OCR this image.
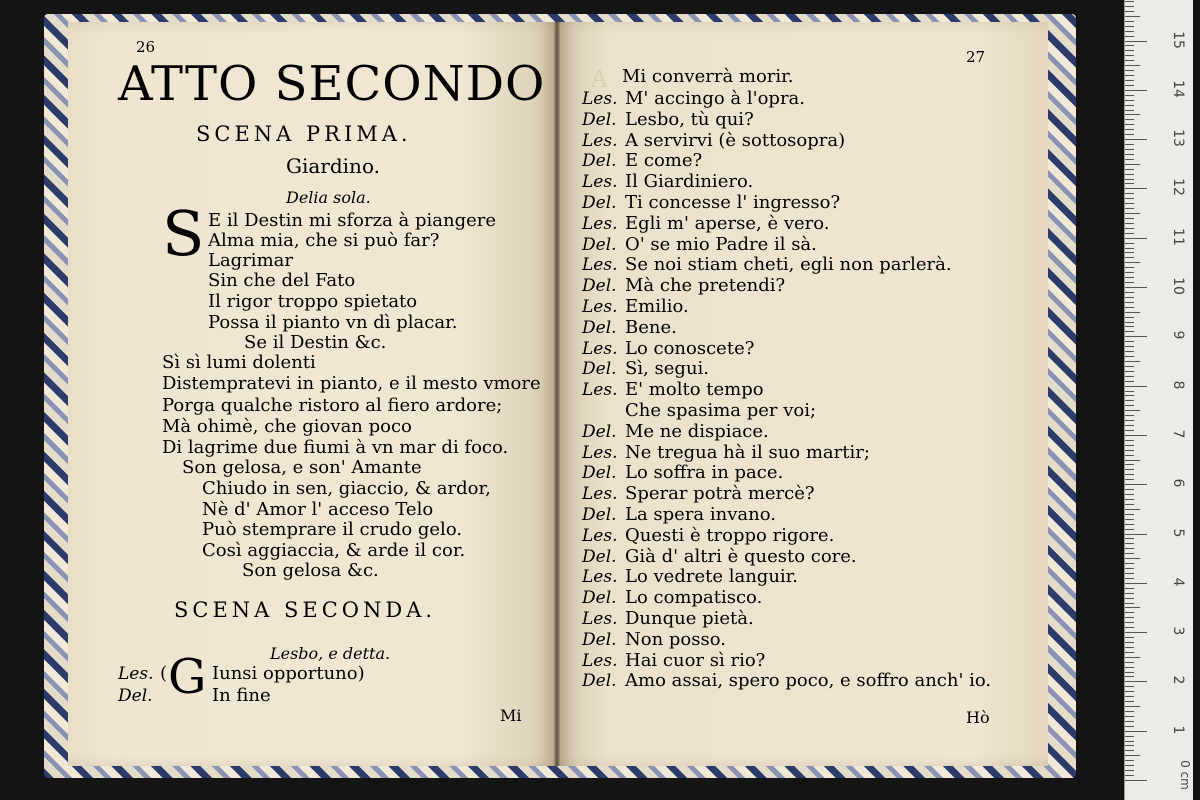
A
26
ATTO SECONDO
SCENA PRIMA.
Giardino.
Delia sola.
S E il Destin mi sforza à piangere
Alma mia, che si può far?
Lagrimar
Sin che del Fato
Il rigor troppo spietato
Possa il pianto vn dì placar.
Se il Destin &c.
Sì sì lumi dolenti
Distempratevi in pianto, e il mesto vmore
Porga qualche ristoro al fiero ardore;
Mà ohimè, che giovan poco
Di lagrime due fiumi à vn mar di foco.
Son gelosa, e son' Amante
Chiudo in sen, giaccio, & ardor,
Nè d' Amor l' acceso Telo
Può stemprare il crudo gelo.
Così aggiaccia, & arde il cor.
Son gelosa &c.
SCENA SECONDA.
Lesbo, e detta.
Les.
Del.
( G Iunsi opportuno)
In fine
Mi
27
Mi converrà morir.
Les. M' accingo à l'opra.
Del. Lesbo, tù qui?
Les. A servirvi (è sottosopra)
Del. E come?
Les. Il Giardiniero.
Del. Ti concesse l' ingresso?
Les. Egli m' aperse, è vero.
Del. O' se mio Padre il sà.
Les. Se noi stiam cheti, egli non parlerà.
Del. Mà che pretendi?
Les. Emilio.
Del. Bene.
Les. Lo conoscete?
Del. Sì, segui.
Les. E' molto tempo
Che spasima per voi;
Del. Me ne dispiace.
Les. Ne tregua hà il suo martir;
Del. Lo soffra in pace.
Les. Sperar potrà mercè?
Del. La spera invano.
Les. Questi è troppo rigore.
Del. Già d' altri è questo core.
Les. Lo vedrete languir.
Del. Lo compatisco.
Les. Dunque pietà.
Del. Non posso.
Les. Hai cuor sì rio?
Del. Amo assai, spero poco, e soffro anch' io.
Hò
0 cm
1
2
3
4
5
6
7
8
9
10
11
12
13
14
15
